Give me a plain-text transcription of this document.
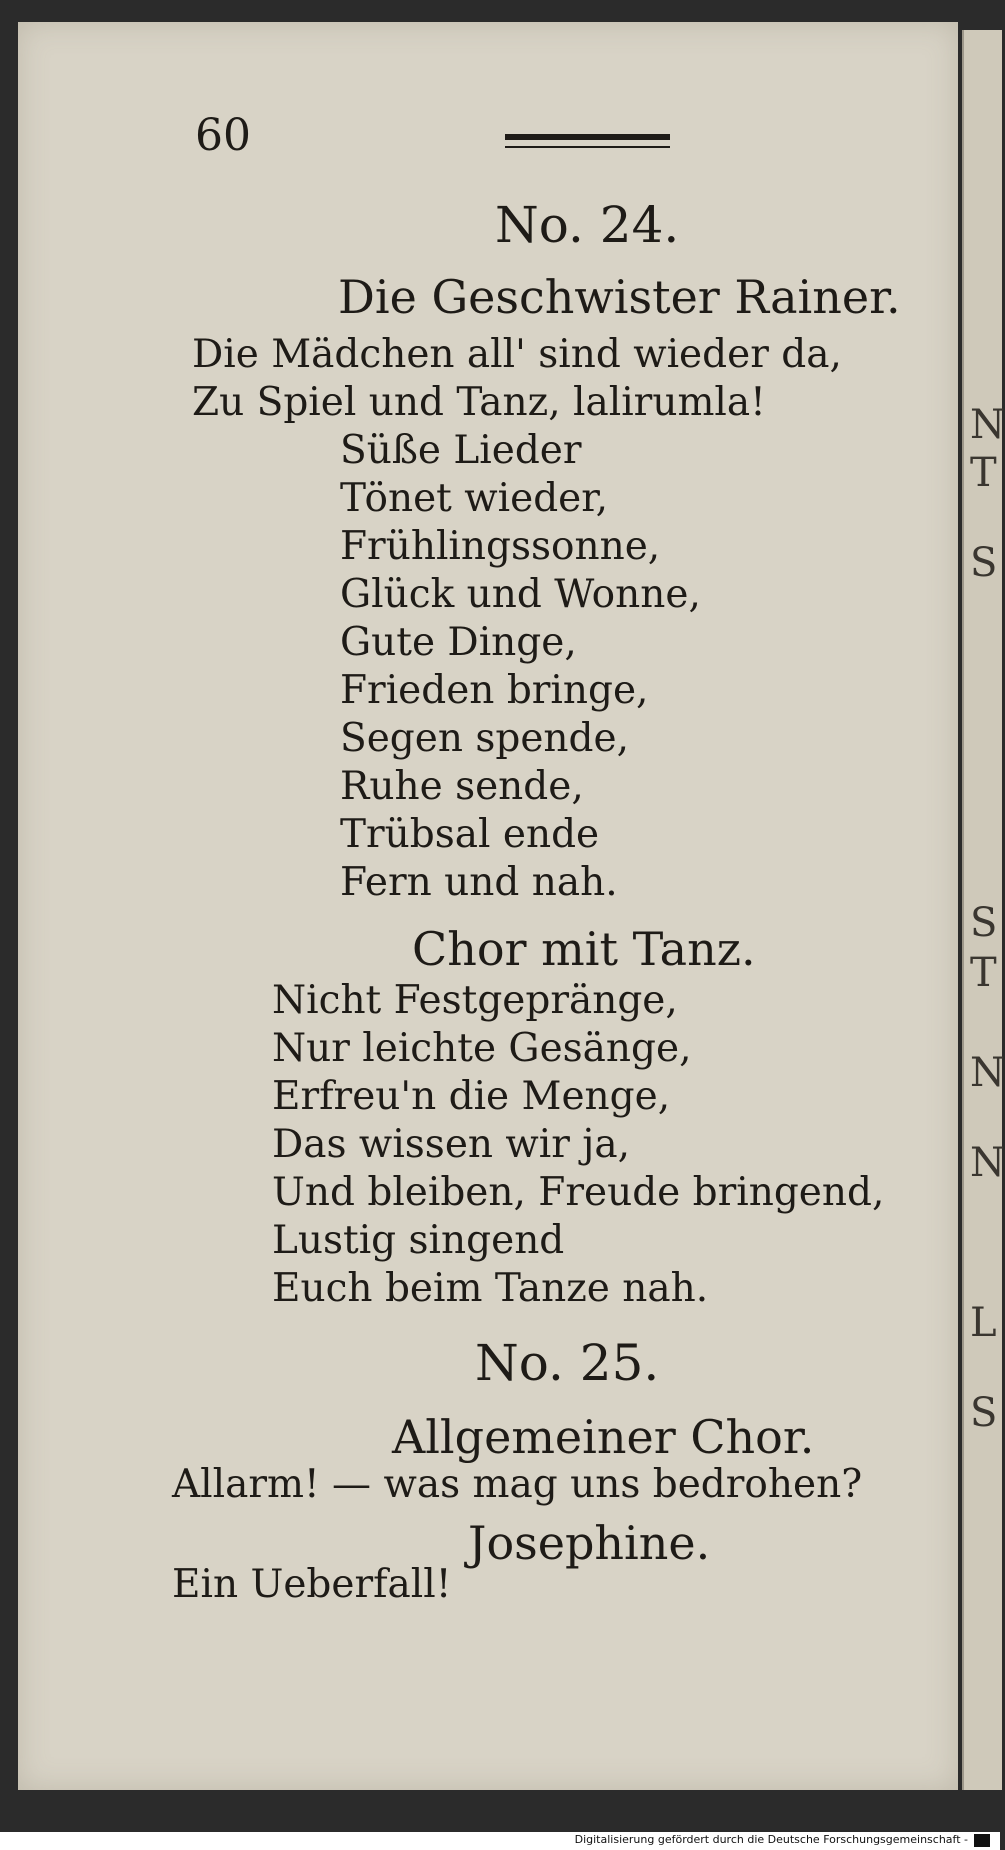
N
T
S
S
T
N
N
L
S
60
No. 24.
Die Geschwister Rainer.
Die Mädchen all' sind wieder da,
Zu Spiel und Tanz, lalirumla!
Süße Lieder
Tönet wieder,
Frühlingssonne,
Glück und Wonne,
Gute Dinge,
Frieden bringe,
Segen spende,
Ruhe sende,
Trübsal ende
Fern und nah.
Chor mit Tanz.
Nicht Festgepränge,
Nur leichte Gesänge,
Erfreu'n die Menge,
Das wissen wir ja,
Und bleiben, Freude bringend,
Lustig singend
Euch beim Tanze nah.
No. 25.
Allgemeiner Chor.
Allarm! — was mag uns bedrohen?
Josephine.
Ein Ueberfall!
Digitalisierung gefördert durch die Deutsche Forschungsgemeinschaft -
